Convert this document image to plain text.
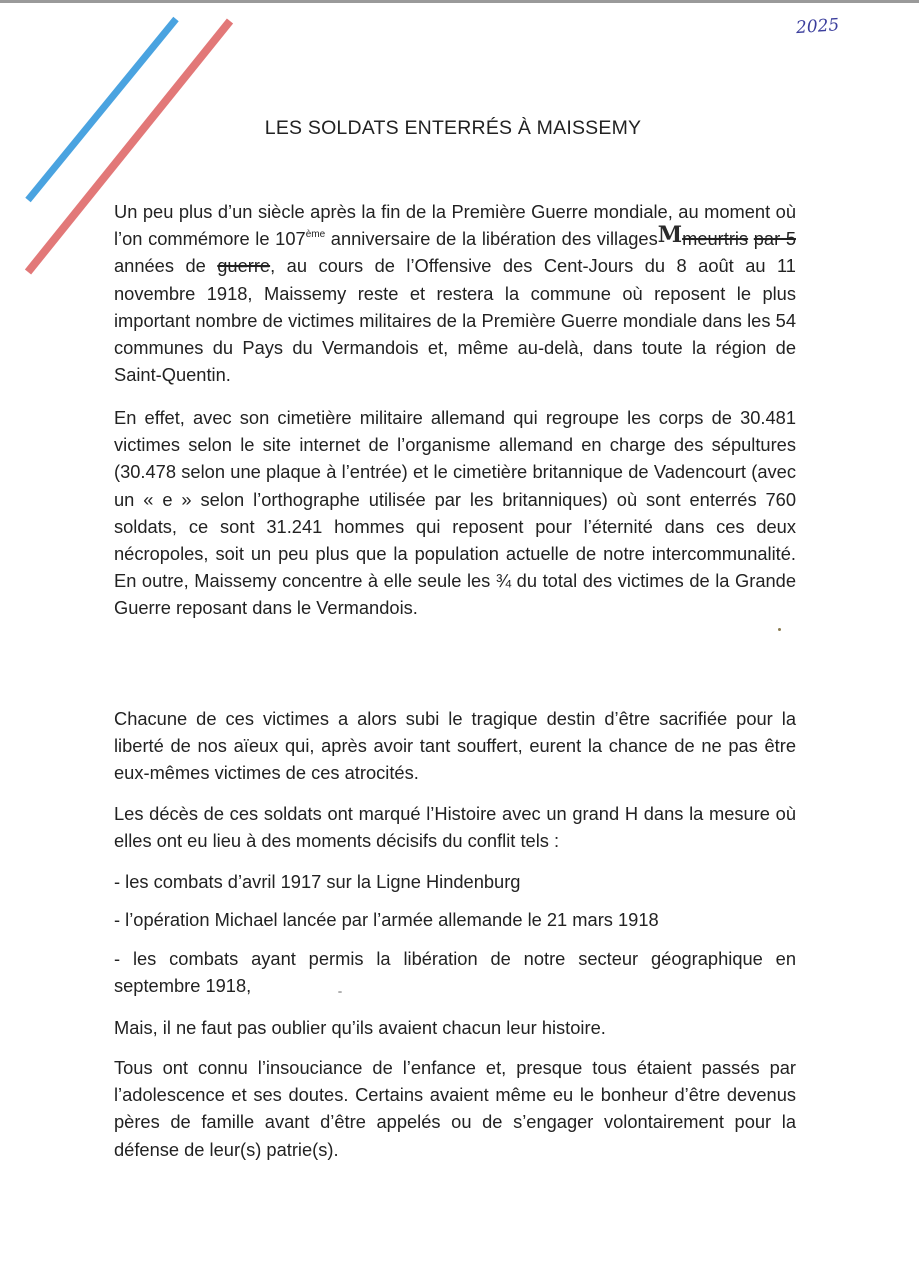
2025
LES SOLDATS ENTERRÉS À MAISSEMY

Un peu plus d’un siècle après la fin de la Première Guerre mondiale, au moment où l’on commémore le 107ème anniversaire de la libération des villagesMmeurtris par 5 années de guerre, au cours de l’Offensive des Cent-Jours du 8 août au 11 novembre 1918, Maissemy reste et restera la commune où reposent le plus important nombre de victimes militaires de la Première Guerre mondiale dans les 54 communes du Pays du Vermandois et, même au-delà, dans toute la région de Saint-Quentin.

En effet, avec son cimetière militaire allemand qui regroupe les corps de 30.481 victimes selon le site internet de l’organisme allemand en charge des sépultures (30.478 selon une plaque à l’entrée) et le cimetière britannique de Vadencourt (avec un « e » selon l’orthographe utilisée par les britanniques) où sont enterrés 760 soldats, ce sont 31.241 hommes qui reposent pour l’éternité dans ces deux nécropoles, soit un peu plus que la population actuelle de notre intercommunalité. En outre, Maissemy concentre à elle seule les ¾ du total des victimes de la Grande Guerre reposant dans le Vermandois.

Chacune de ces victimes a alors subi le tragique destin d’être sacrifiée pour la liberté de nos aïeux qui, après avoir tant souffert, eurent la chance de ne pas être eux-mêmes victimes de ces atrocités.

Les décès de ces soldats ont marqué l’Histoire avec un grand H dans la mesure où elles ont eu lieu à des moments décisifs du conflit tels :

- les combats d’avril 1917 sur la Ligne Hindenburg

- l’opération Michael lancée par l’armée allemande le 21 mars 1918

- les combats ayant permis la libération de notre secteur géographique en septembre 1918,

Mais, il ne faut pas oublier qu’ils avaient chacun leur histoire.

Tous ont connu l’insouciance de l’enfance et, presque tous étaient passés par l’adolescence et ses doutes. Certains avaient même eu le bonheur d’être devenus pères de famille avant d’être appelés ou de s’engager volontairement pour la défense de leur(s) patrie(s).
